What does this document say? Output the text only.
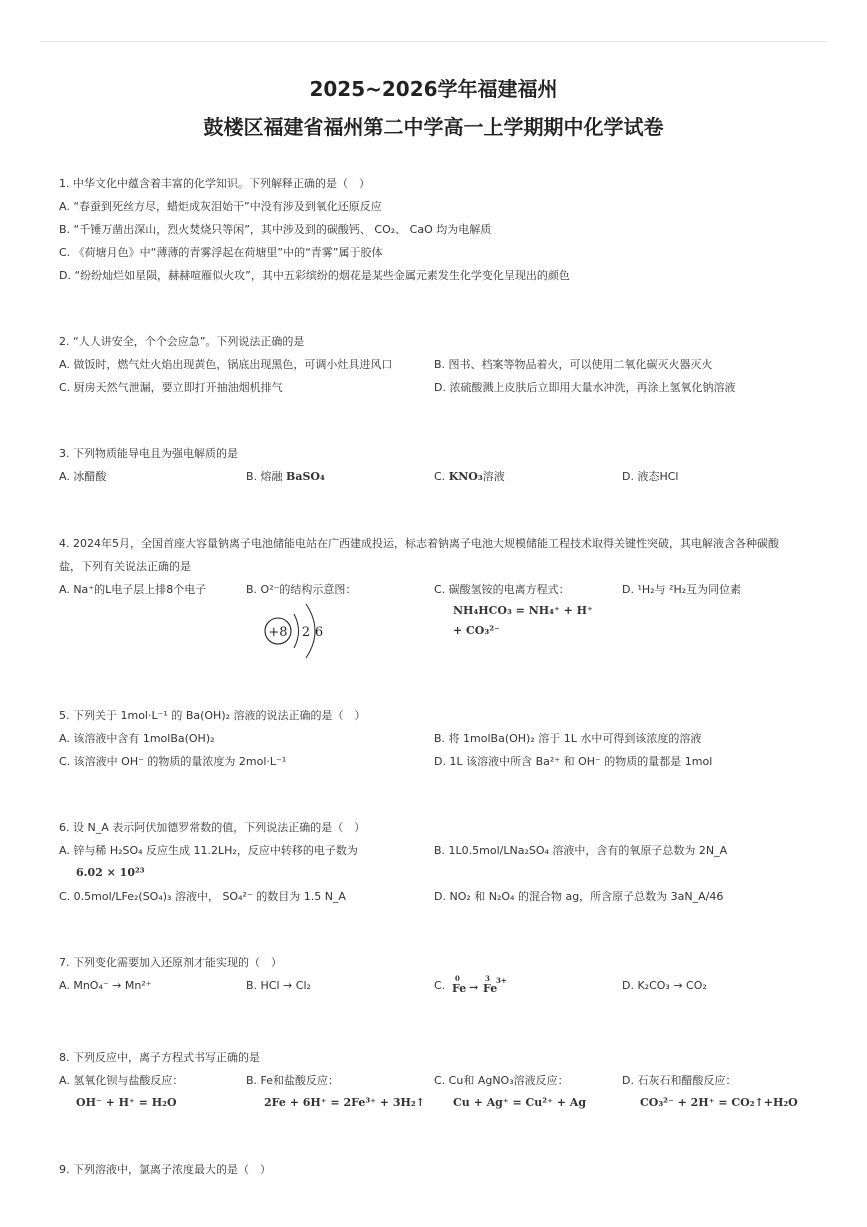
2025~2026学年福建福州
鼓楼区福建省福州第二中学高一上学期期中化学试卷
1. 中华文化中蕴含着丰富的化学知识。下列解释正确的是（　）
A. “春蚕到死丝方尽，蜡炬成灰泪始干”中没有涉及到氧化还原反应
B. “千锤万凿出深山，烈火焚烧只等闲”，其中涉及到的碳酸钙、 CO₂、 CaO 均为电解质
C. 《荷塘月色》中“薄薄的青雾浮起在荷塘里”中的“青雾”属于胶体
D. “纷纷灿烂如星陨，赫赫喧雁似火攻”，其中五彩缤纷的烟花是某些金属元素发生化学变化呈现出的颜色
2. “人人讲安全，个个会应急”。下列说法正确的是
A. 做饭时，燃气灶火焰出现黄色，锅底出现黑色，可调小灶具进风口	B. 图书、档案等物品着火，可以使用二氧化碳灭火器灭火
C. 厨房天然气泄漏，要立即打开抽油烟机排气	D. 浓硫酸溅上皮肤后立即用大量水冲洗，再涂上氢氧化钠溶液
3. 下列物质能导电且为强电解质的是
A. 冰醋酸	B. 熔融 BaSO₄	C. KNO₃溶液	D. 液态HCl
4. 2024年5月，全国首座大容量钠离子电池储能电站在广西建成投运，标志着钠离子电池大规模储能工程技术取得关键性突破，其电解液含各种碳酸
盐，下列有关说法正确的是
A. Na⁺的L电子层上排8个电子	B. O²⁻的结构示意图：
+8 2 6
C. 碳酸氢铵的电离方程式：
NH₄HCO₃ = NH₄⁺ + H⁺
+ CO₃²⁻
D. ¹H₂与 ²H₂互为同位素
5. 下列关于 1mol·L⁻¹ 的 Ba(OH)₂ 溶液的说法正确的是（　）
A. 该溶液中含有 1molBa(OH)₂	B. 将 1molBa(OH)₂ 溶于 1L 水中可得到该浓度的溶液
C. 该溶液中 OH⁻ 的物质的量浓度为 2mol·L⁻¹	D. 1L 该溶液中所含 Ba²⁺ 和 OH⁻ 的物质的量都是 1mol
6. 设 N_A 表示阿伏加德罗常数的值，下列说法正确的是（　）
A. 锌与稀 H₂SO₄ 反应生成 11.2LH₂，反应中转移的电子数为
6.02 × 10²³
B. 1L0.5mol/LNa₂SO₄ 溶液中，含有的氧原子总数为 2N_A
C. 0.5mol/LFe₂(SO₄)₃ 溶液中， SO₄²⁻ 的数目为 1.5 N_A	D. NO₂ 和 N₂O₄ 的混合物 ag，所含原子总数为 3aN_A/46
7. 下列变化需要加入还原剂才能实现的（　）
A. MnO₄⁻ → Mn²⁺	B. HCl → Cl₂	C.
0
Fe →
3
Fe
3+	D. K₂CO₃ → CO₂
8. 下列反应中，离子方程式书写正确的是
A. 氢氧化钡与盐酸反应：
OH⁻ + H⁺ = H₂O
B. Fe和盐酸反应：
2Fe + 6H⁺ = 2Fe³⁺ + 3H₂↑
C. Cu和 AgNO₃溶液反应：
Cu + Ag⁺ = Cu²⁺ + Ag
D. 石灰石和醋酸反应：
CO₃²⁻ + 2H⁺ = CO₂↑+H₂O
9. 下列溶液中，氯离子浓度最大的是（　）
